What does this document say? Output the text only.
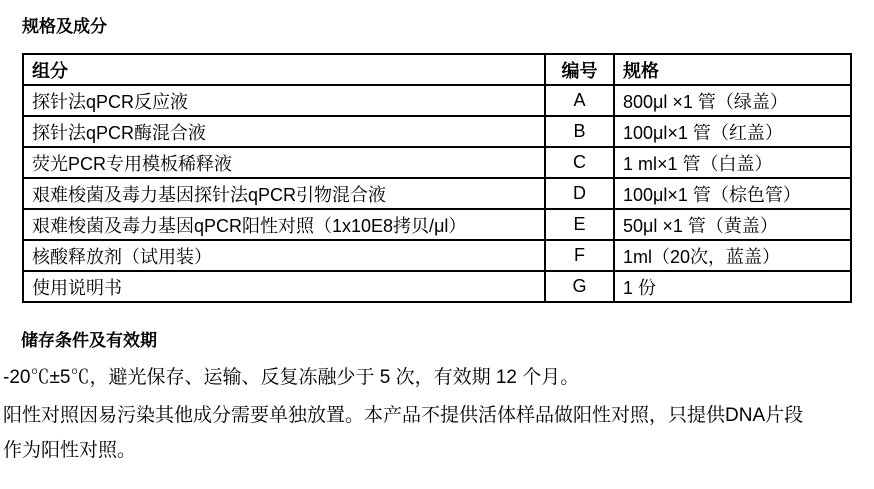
规格及成分
组分	编号	规格
探针法qPCR反应液	A	800μl ×1 管（绿盖）
探针法qPCR酶混合液	B	100μl×1 管（红盖）
荧光PCR专用模板稀释液	C	1 ml×1 管（白盖）
艰难梭菌及毒力基因探针法qPCR引物混合液	D	100μl×1 管（棕色管）
艰难梭菌及毒力基因qPCR阳性对照（1x10E8拷贝/μl）	E	50μl ×1 管（黄盖）
核酸释放剂（试用装）	F	1ml（20次，蓝盖）
使用说明书	G	1 份
储存条件及有效期

-20℃±5℃，避光保存、运输、反复冻融少于 5 次，有效期 12 个月。

阳性对照因易污染其他成分需要单独放置。本产品不提供活体样品做阳性对照，只提供DNA片段
作为阳性对照。
